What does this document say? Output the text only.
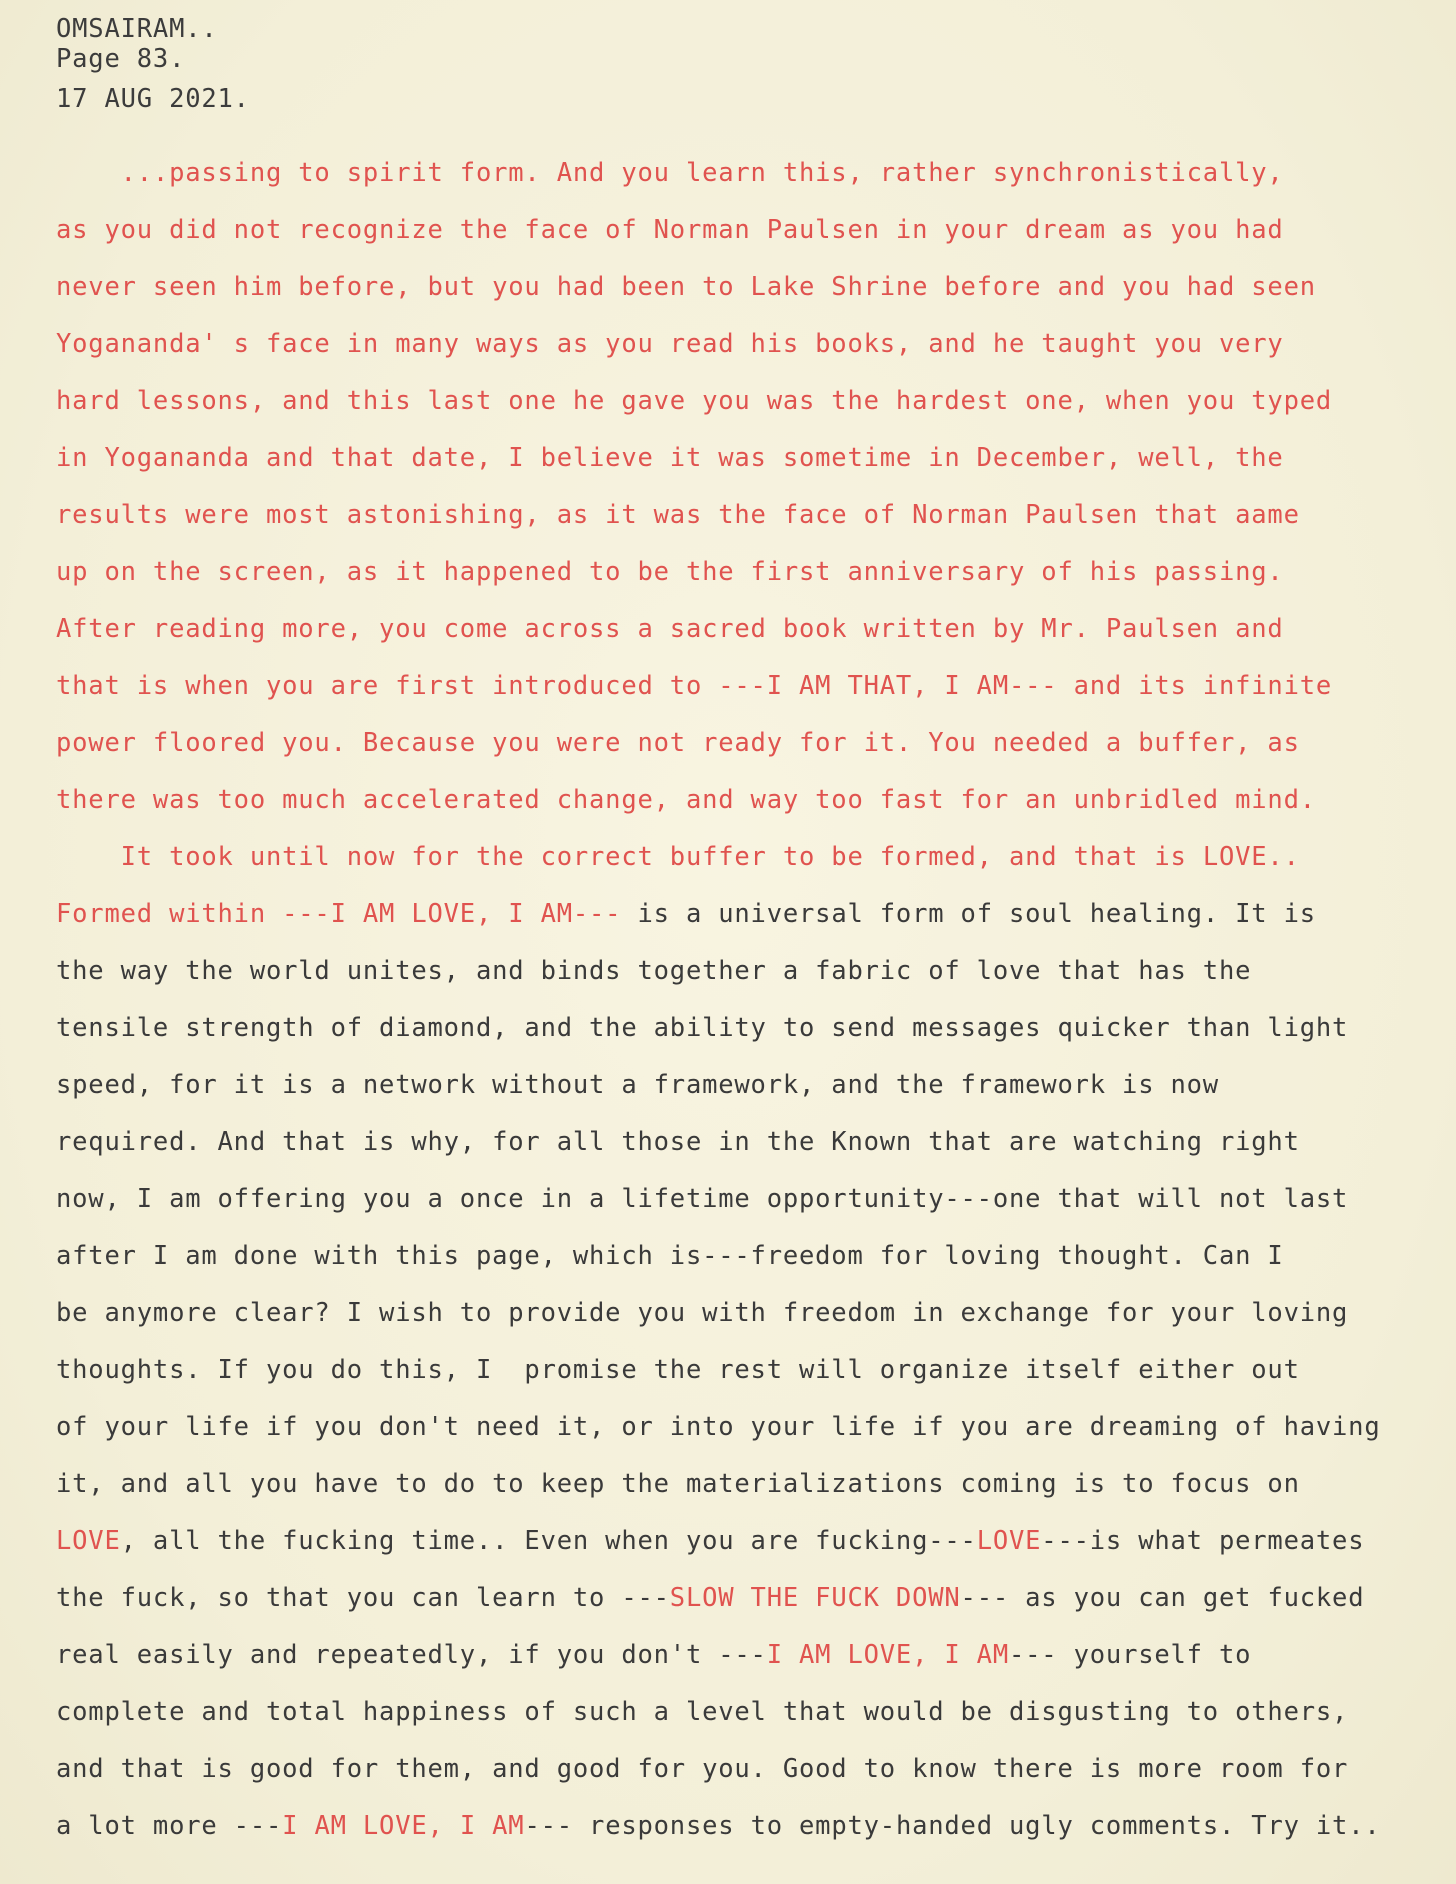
OMSAIRAM..

Page 83.

17 AUG 2021.

...passing to spirit form. And you learn this, rather synchronistically,

as you did not recognize the face of Norman Paulsen in your dream as you had

never seen him before, but you had been to Lake Shrine before and you had seen

Yogananda' s face in many ways as you read his books, and he taught you very

hard lessons, and this last one he gave you was the hardest one, when you typed

in Yogananda and that date, I believe it was sometime in December, well, the

results were most astonishing, as it was the face of Norman Paulsen that aame

up on the screen, as it happened to be the first anniversary of his passing.

After reading more, you come across a sacred book written by Mr. Paulsen and

that is when you are first introduced to ---I AM THAT, I AM--- and its infinite

power floored you. Because you were not ready for it. You needed a buffer, as

there was too much accelerated change, and way too fast for an unbridled mind.

It took until now for the correct buffer to be formed, and that is LOVE..

Formed within ---I AM LOVE, I AM--- is a universal form of soul healing. It is

the way the world unites, and binds together a fabric of love that has the

tensile strength of diamond, and the ability to send messages quicker than light

speed, for it is a network without a framework, and the framework is now

required. And that is why, for all those in the Known that are watching right

now, I am offering you a once in a lifetime opportunity---one that will not last

after I am done with this page, which is---freedom for loving thought. Can I

be anymore clear? I wish to provide you with freedom in exchange for your loving

thoughts. If you do this, I  promise the rest will organize itself either out

of your life if you don't need it, or into your life if you are dreaming of having

it, and all you have to do to keep the materializations coming is to focus on

LOVE, all the fucking time.. Even when you are fucking---LOVE---is what permeates

the fuck, so that you can learn to ---SLOW THE FUCK DOWN--- as you can get fucked

real easily and repeatedly, if you don't ---I AM LOVE, I AM--- yourself to

complete and total happiness of such a level that would be disgusting to others,

and that is good for them, and good for you. Good to know there is more room for

a lot more ---I AM LOVE, I AM--- responses to empty-handed ugly comments. Try it..
